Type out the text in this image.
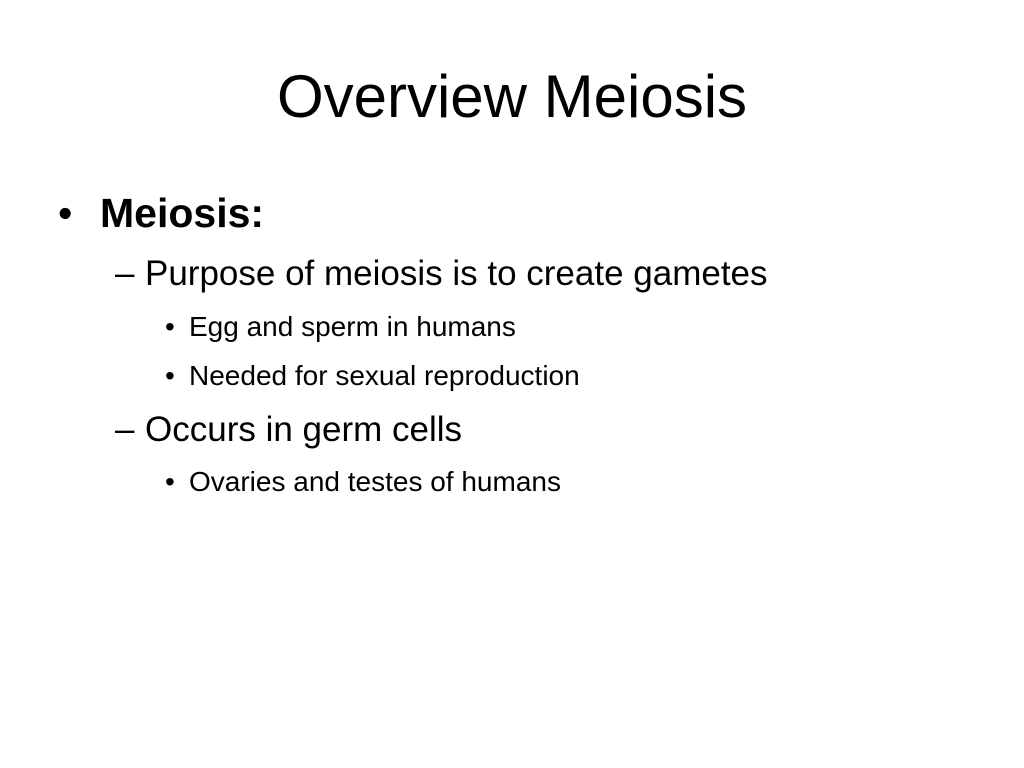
Overview Meiosis
• Meiosis:
– Purpose of meiosis is to create gametes
• Egg and sperm in humans
• Needed for sexual reproduction
– Occurs in germ cells
• Ovaries and testes of humans
